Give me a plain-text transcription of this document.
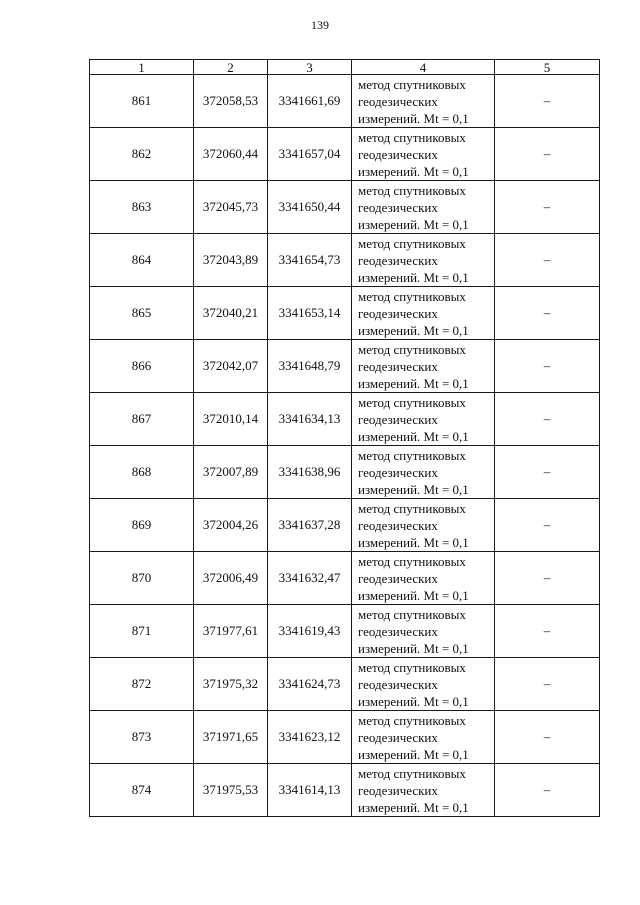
139
1	2	3	4	5
861	372058,53	3341661,69	метод спутниковых
геодезических
измерений. Mt = 0,1	–
862	372060,44	3341657,04	метод спутниковых
геодезических
измерений. Mt = 0,1	–
863	372045,73	3341650,44	метод спутниковых
геодезических
измерений. Mt = 0,1	–
864	372043,89	3341654,73	метод спутниковых
геодезических
измерений. Mt = 0,1	–
865	372040,21	3341653,14	метод спутниковых
геодезических
измерений. Mt = 0,1	–
866	372042,07	3341648,79	метод спутниковых
геодезических
измерений. Mt = 0,1	–
867	372010,14	3341634,13	метод спутниковых
геодезических
измерений. Mt = 0,1	–
868	372007,89	3341638,96	метод спутниковых
геодезических
измерений. Mt = 0,1	–
869	372004,26	3341637,28	метод спутниковых
геодезических
измерений. Mt = 0,1	–
870	372006,49	3341632,47	метод спутниковых
геодезических
измерений. Mt = 0,1	–
871	371977,61	3341619,43	метод спутниковых
геодезических
измерений. Mt = 0,1	–
872	371975,32	3341624,73	метод спутниковых
геодезических
измерений. Mt = 0,1	–
873	371971,65	3341623,12	метод спутниковых
геодезических
измерений. Mt = 0,1	–
874	371975,53	3341614,13	метод спутниковых
геодезических
измерений. Mt = 0,1	–
